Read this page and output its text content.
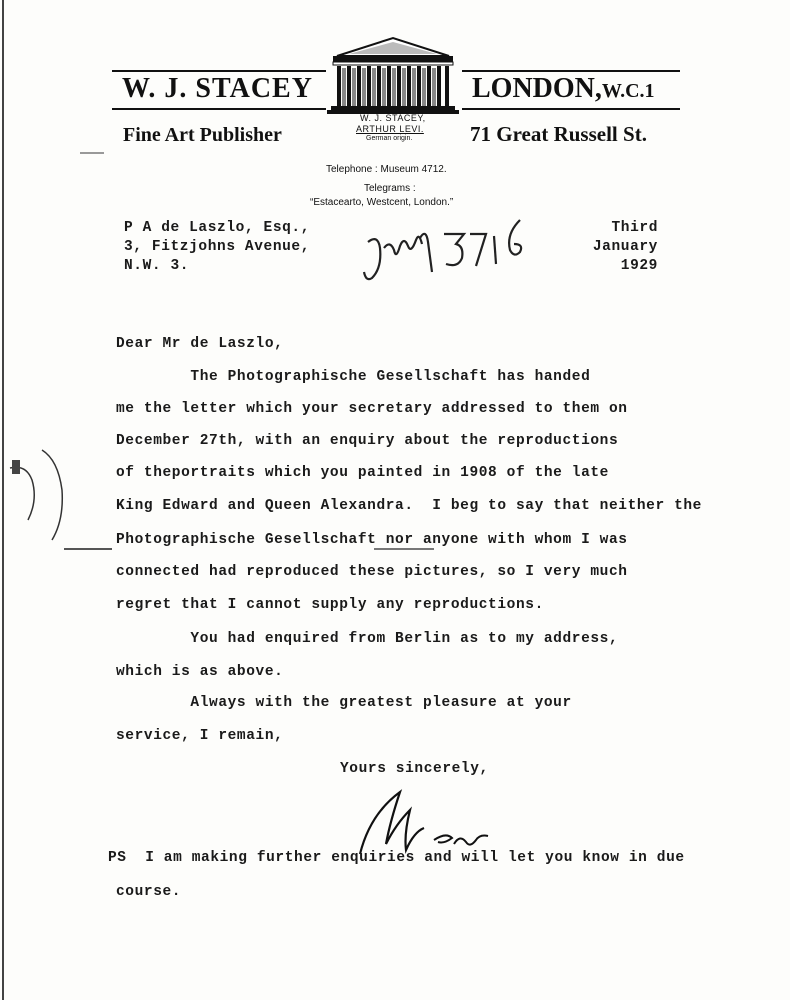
W. J. STACEY	LONDON,W.C.1
Fine Art Publisher	71 Great Russell St.
W. J. STACEY,
ARTHUR LEVI.
German origin.
Telephone : Museum 4712.
Telegrams :
“Estacearto, Westcent, London.”
P A de Laszlo, Esq.,
3, Fitzjohns Avenue,
N.W. 3.
Third
January
1929
Dear Mr de Laszlo,
The Photographische Gesellschaft has handed
me the letter which your secretary addressed to them on
December 27th, with an enquiry about the reproductions
of theportraits which you painted in 1908 of the late
King Edward and Queen Alexandra.  I beg to say that neither the
Photographische Gesellschaft nor anyone with whom I was
connected had reproduced these pictures, so I very much
regret that I cannot supply any reproductions.
You had enquired from Berlin as to my address,
which is as above.
Always with the greatest pleasure at your
service, I remain,
Yours sincerely,
PS  I am making further enquiries and will let you know in due
course.
